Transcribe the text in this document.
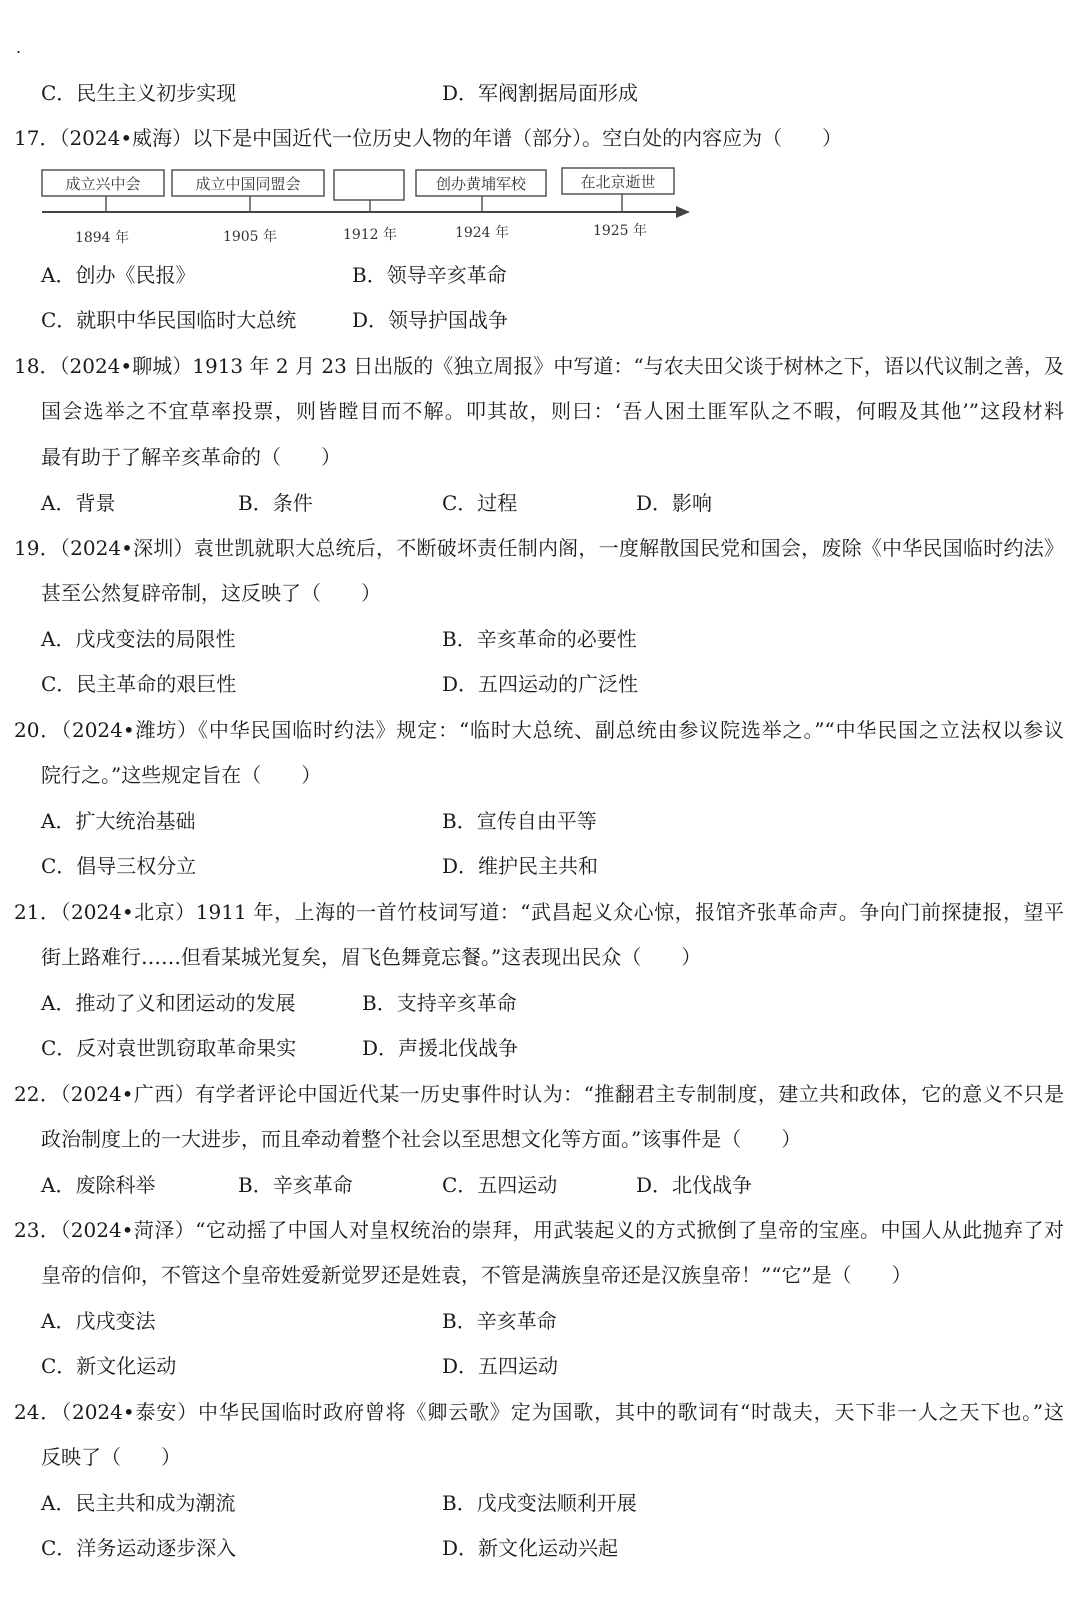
.
C．民生主义初步实现	D．军阀割据局面形成
17．（2024•威海）以下是中国近代一位历史人物的年谱（部分）。空白处的内容应为（　　）
成立兴中会	成立中国同盟会	创办黄埔军校	在北京逝世
1894 年	1905 年	1912 年	1924 年	1925 年
A．创办《民报》	B．领导辛亥革命
C．就职中华民国临时大总统	D．领导护国战争
18．（2024•聊城）1913 年 2 月 23 日出版的《独立周报》中写道：“与农夫田父谈于树林之下，语以代议制之善，及
国会选举之不宜草率投票，则皆瞠目而不解。叩其故，则曰：‘吾人困土匪军队之不暇，何暇及其他’”这段材料
最有助于了解辛亥革命的（　　）
A．背景	B．条件	C．过程	D．影响
19．（2024•深圳）袁世凯就职大总统后，不断破坏责任制内阁，一度解散国民党和国会，废除《中华民国临时约法》
甚至公然复辟帝制，这反映了（　　）
A．戊戌变法的局限性	B．辛亥革命的必要性
C．民主革命的艰巨性	D．五四运动的广泛性
20．（2024•潍坊）《中华民国临时约法》规定：“临时大总统、副总统由参议院选举之。”“中华民国之立法权以参议
院行之。”这些规定旨在（　　）
A．扩大统治基础	B．宣传自由平等
C．倡导三权分立	D．维护民主共和
21．（2024•北京）1911 年，上海的一首竹枝词写道：“武昌起义众心惊，报馆齐张革命声。争向门前探捷报，望平
街上路难行……但看某城光复矣，眉飞色舞竟忘餐。”这表现出民众（　　）
A．推动了义和团运动的发展	B．支持辛亥革命
C．反对袁世凯窃取革命果实	D．声援北伐战争
22．（2024•广西）有学者评论中国近代某一历史事件时认为：“推翻君主专制制度，建立共和政体，它的意义不只是
政治制度上的一大进步，而且牵动着整个社会以至思想文化等方面。”该事件是（　　）
A．废除科举	B．辛亥革命	C．五四运动	D．北伐战争
23．（2024•菏泽）“它动摇了中国人对皇权统治的崇拜，用武装起义的方式掀倒了皇帝的宝座。中国人从此抛弃了对
皇帝的信仰，不管这个皇帝姓爱新觉罗还是姓袁，不管是满族皇帝还是汉族皇帝！”“它”是（　　）
A．戊戌变法	B．辛亥革命
C．新文化运动	D．五四运动
24．（2024•泰安）中华民国临时政府曾将《卿云歌》定为国歌，其中的歌词有“时哉夫，天下非一人之天下也。”这
反映了（　　）
A．民主共和成为潮流	B．戊戌变法顺利开展
C．洋务运动逐步深入	D．新文化运动兴起
